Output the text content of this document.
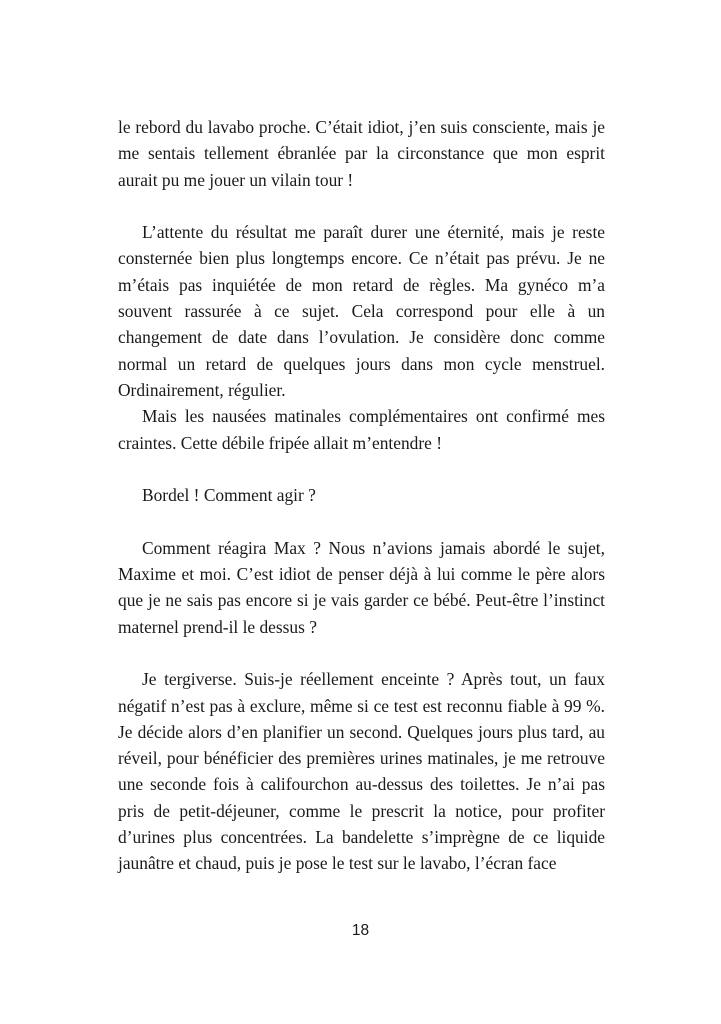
le rebord du lavabo proche. C’était idiot, j’en suis consciente, mais je me sentais tellement ébranlée par la circonstance que mon esprit aurait pu me jouer un vilain tour !

L’attente du résultat me paraît durer une éternité, mais je reste consternée bien plus longtemps encore. Ce n’était pas prévu. Je ne m’étais pas inquiétée de mon retard de règles. Ma gynéco m’a souvent rassurée à ce sujet. Cela correspond pour elle à un changement de date dans l’ovulation. Je considère donc comme normal un retard de quelques jours dans mon cycle menstruel. Ordinairement, régulier.

Mais les nausées matinales complémentaires ont confirmé mes craintes. Cette débile fripée allait m’entendre !

Bordel ! Comment agir ?

Comment réagira Max ? Nous n’avions jamais abordé le sujet, Maxime et moi. C’est idiot de penser déjà à lui comme le père alors que je ne sais pas encore si je vais garder ce bébé. Peut-être l’instinct maternel prend-il le dessus ?

Je tergiverse. Suis-je réellement enceinte ? Après tout, un faux négatif n’est pas à exclure, même si ce test est reconnu fiable à 99 %. Je décide alors d’en planifier un second. Quelques jours plus tard, au réveil, pour bénéficier des premières urines matinales, je me retrouve une seconde fois à califourchon au-dessus des toilettes. Je n’ai pas pris de petit-déjeuner, comme le prescrit la notice, pour profiter d’urines plus concentrées. La bandelette s’imprègne de ce liquide jaunâtre et chaud, puis je pose le test sur le lavabo, l’écran face

18
